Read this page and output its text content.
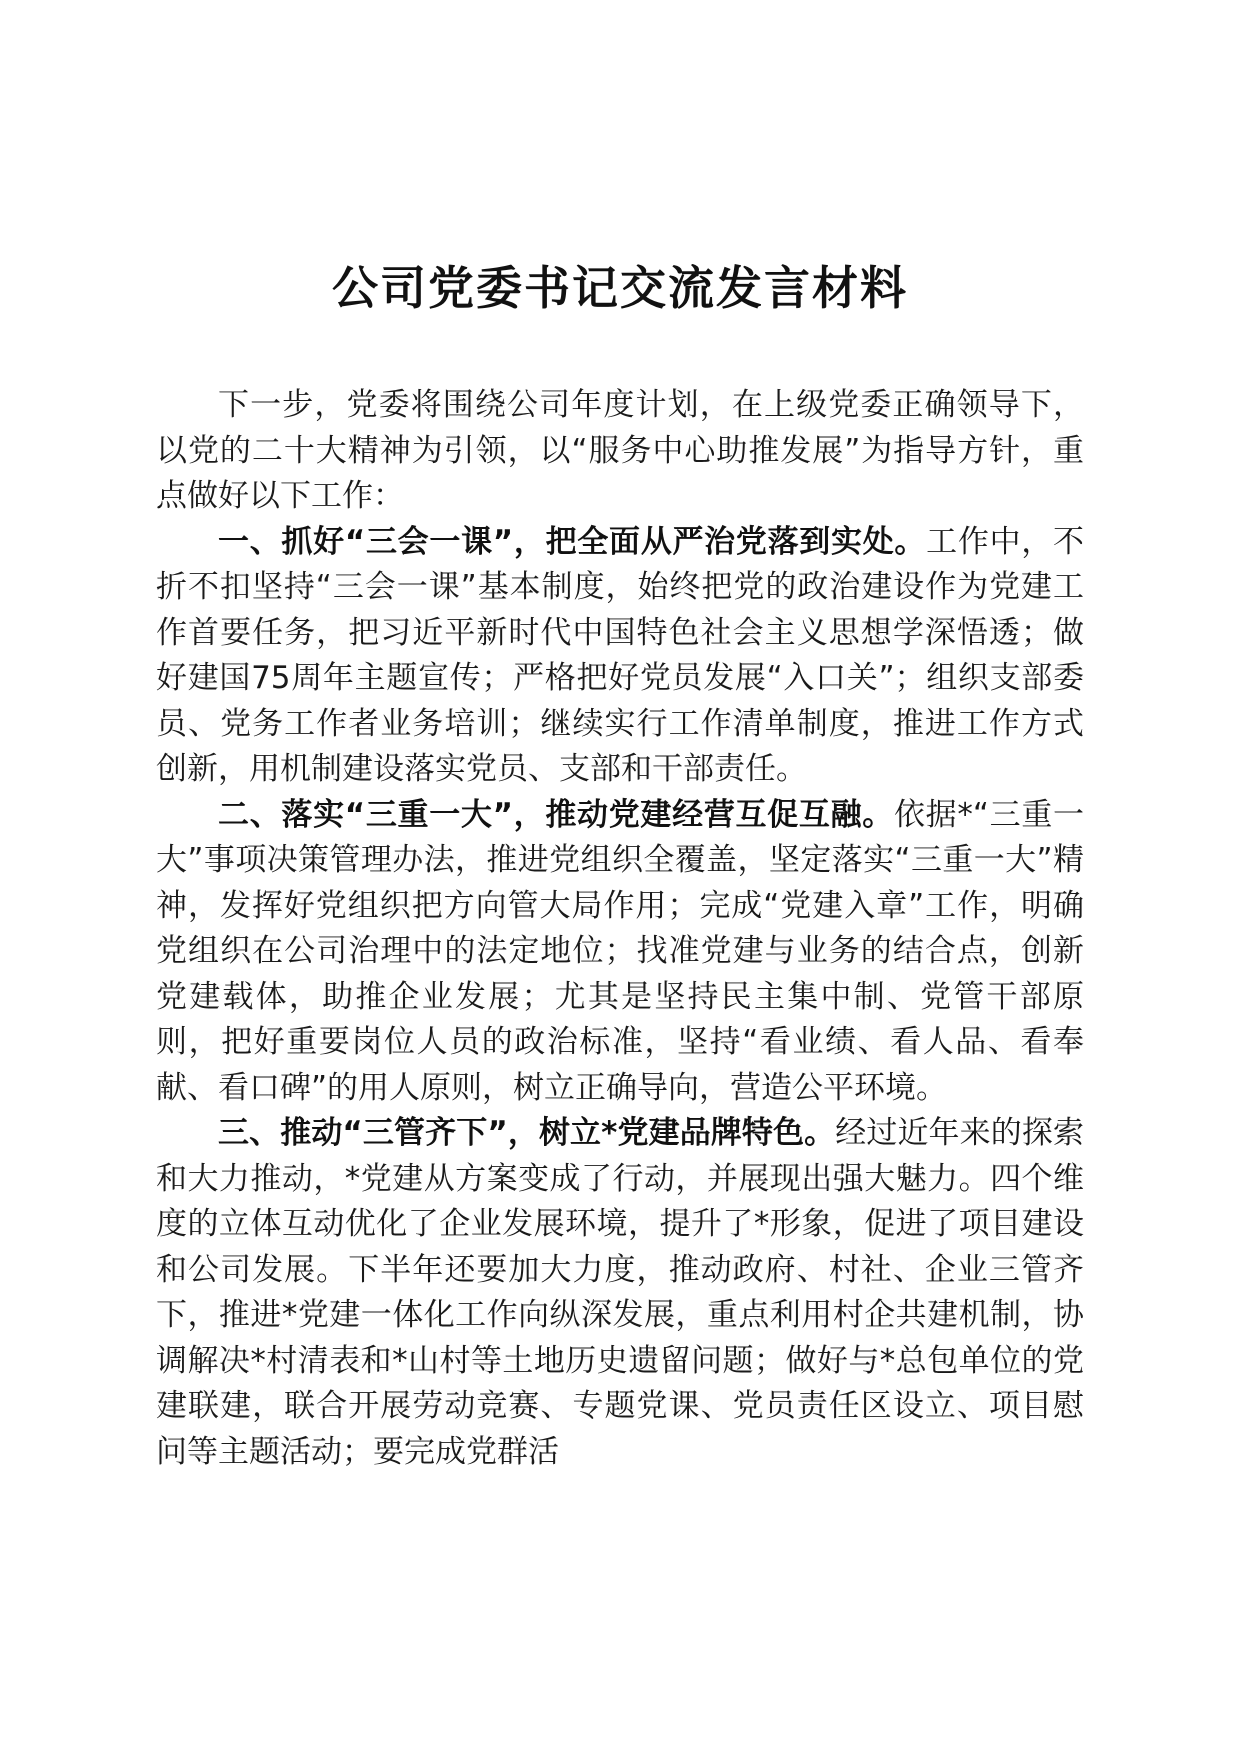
公司党委书记交流发言材料

下一步，党委将围绕公司年度计划，在上级党委正确领导下，以党的二十大精神为引领，以“服务中心助推发展”为指导方针，重点做好以下工作：

一、抓好“三会一课”，把全面从严治党落到实处。工作中，不折不扣坚持“三会一课”基本制度，始终把党的政治建设作为党建工作首要任务，把习近平新时代中国特色社会主义思想学深悟透；做好建国75周年主题宣传；严格把好党员发展“入口关”；组织支部委员、党务工作者业务培训；继续实行工作清单制度，推进工作方式创新，用机制建设落实党员、支部和干部责任。

二、落实“三重一大”，推动党建经营互促互融。依据*“三重一大”事项决策管理办法，推进党组织全覆盖，坚定落实“三重一大”精神，发挥好党组织把方向管大局作用；完成“党建入章”工作，明确党组织在公司治理中的法定地位；找准党建与业务的结合点，创新党建载体，助推企业发展；尤其是坚持民主集中制、党管干部原则，把好重要岗位人员的政治标准，坚持“看业绩、看人品、看奉献、看口碑”的用人原则，树立正确导向，营造公平环境。

三、推动“三管齐下”，树立*党建品牌特色。经过近年来的探索和大力推动，*党建从方案变成了行动，并展现出强大魅力。四个维度的立体互动优化了企业发展环境，提升了*形象，促进了项目建设和公司发展。下半年还要加大力度，推动政府、村社、企业三管齐下，推进*党建一体化工作向纵深发展，重点利用村企共建机制，协调解决*村清表和*山村等土地历史遗留问题；做好与*总包单位的党建联建，联合开展劳动竞赛、专题党课、党员责任区设立、项目慰问等主题活动；要完成党群活
